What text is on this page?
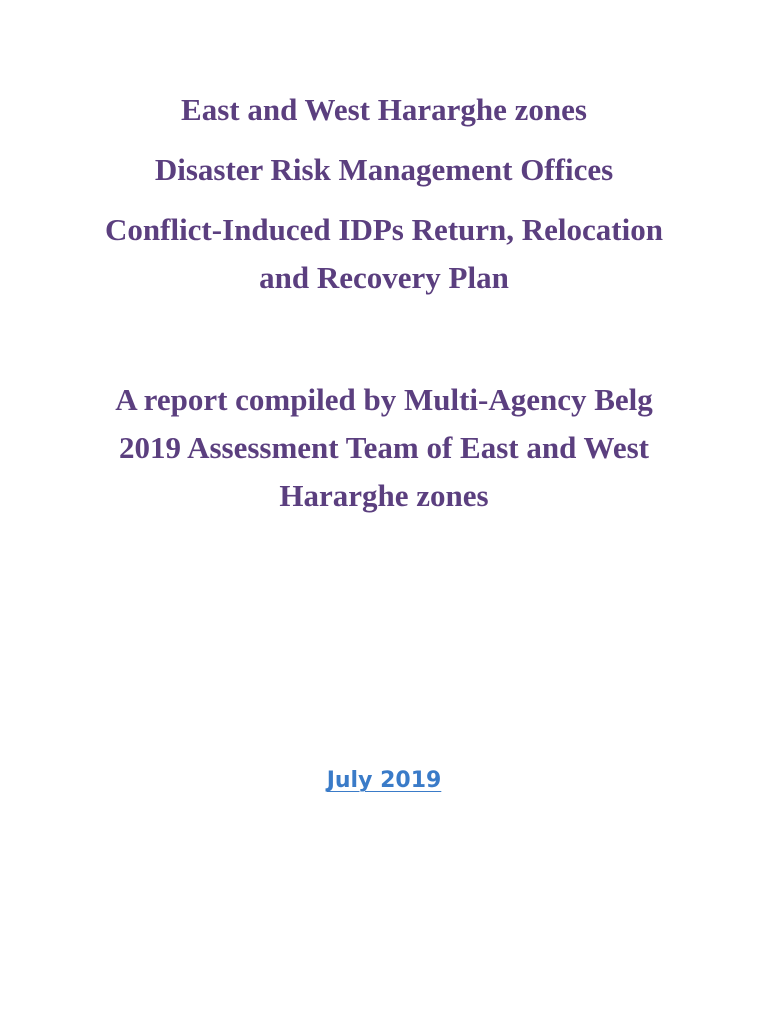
East and West Hararghe zones
Disaster Risk Management Offices
Conflict-Induced IDPs Return, Relocation
and Recovery Plan
A report compiled by Multi-Agency Belg
2019 Assessment Team of East and West
Hararghe zones
July 2019
